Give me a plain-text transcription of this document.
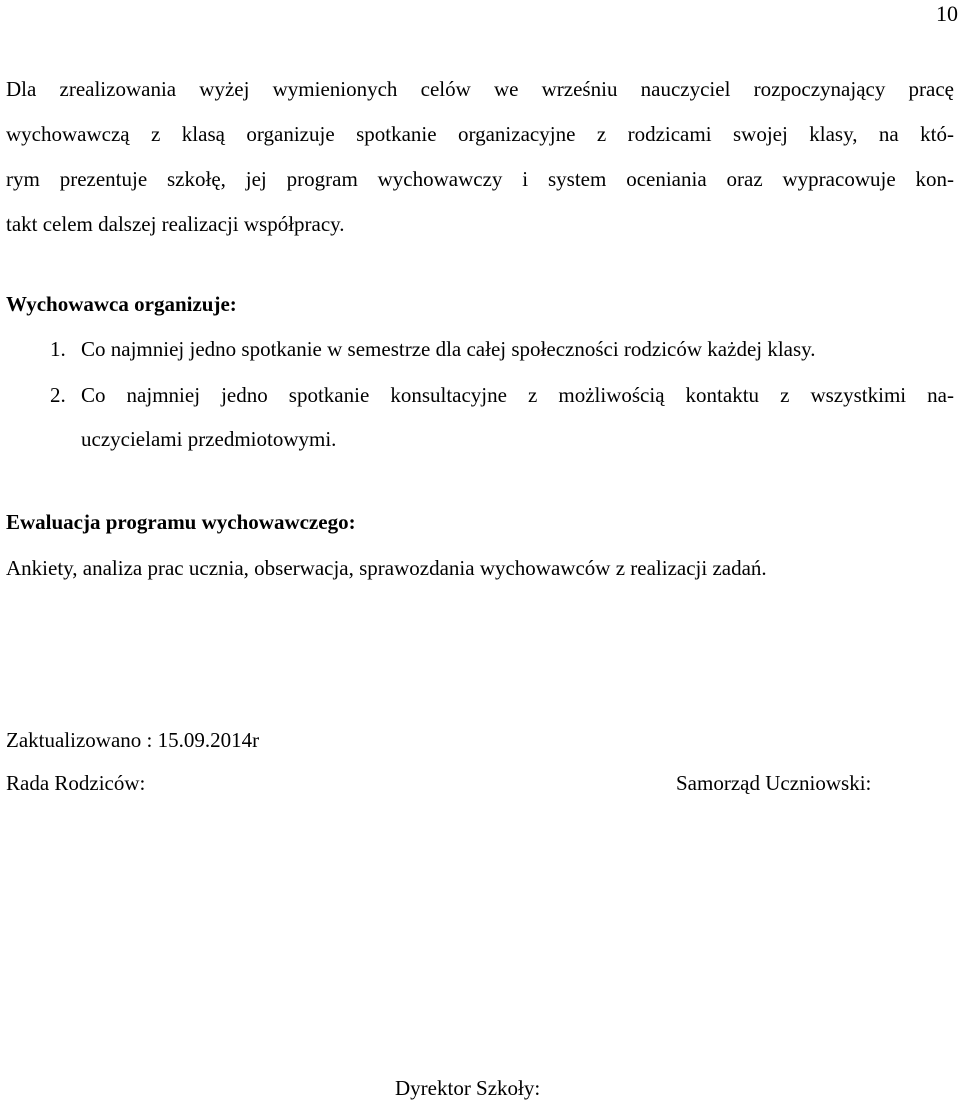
10
Dla zrealizowania wyżej wymienionych celów we wrześniu nauczyciel rozpoczynający pracę
wychowawczą z klasą organizuje spotkanie organizacyjne z rodzicami swojej klasy, na któ-
rym prezentuje szkołę, jej program wychowawczy i system oceniania oraz wypracowuje kon-
takt celem dalszej realizacji współpracy.
Wychowawca organizuje:
1. Co najmniej jedno spotkanie w semestrze dla całej społeczności rodziców każdej klasy.
2. Co najmniej jedno spotkanie konsultacyjne z możliwością kontaktu z wszystkimi na-
uczycielami przedmiotowymi.
Ewaluacja programu wychowawczego:
Ankiety, analiza prac ucznia, obserwacja, sprawozdania wychowawców z realizacji zadań.
Zaktualizowano : 15.09.2014r
Rada Rodziców:	Samorząd Uczniowski:
Dyrektor Szkoły:
